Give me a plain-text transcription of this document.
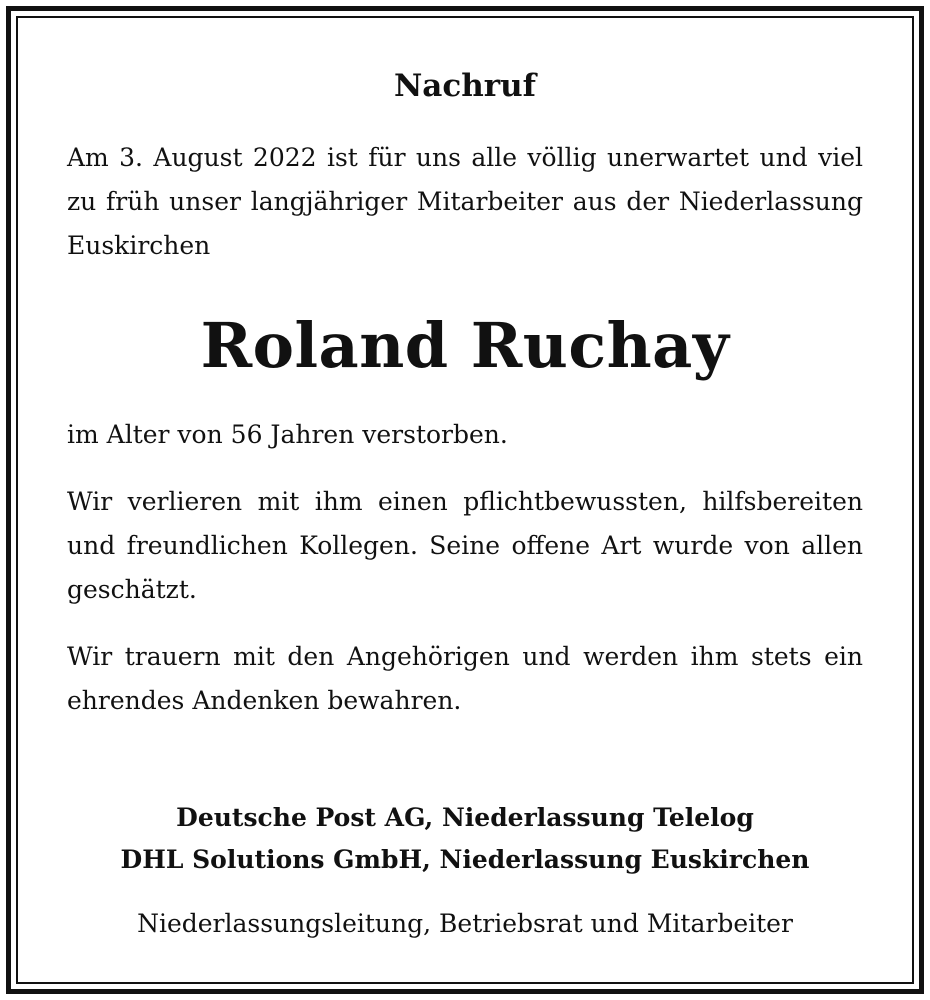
Nachruf

Am 3. August 2022 ist für uns alle völlig unerwartet und viel zu früh unser langjähriger Mitarbeiter aus der Niederlassung Euskirchen

Roland Ruchay

im Alter von 56 Jahren verstorben.

Wir verlieren mit ihm einen pflichtbewussten, hilfsbereiten und freundlichen Kollegen. Seine offene Art wurde von allen geschätzt.

Wir trauern mit den Angehörigen und werden ihm stets ein ehrendes Andenken bewahren.

Deutsche Post AG, Niederlassung Telelog

DHL Solutions GmbH, Niederlassung Euskirchen

Niederlassungsleitung, Betriebsrat und Mitarbeiter
